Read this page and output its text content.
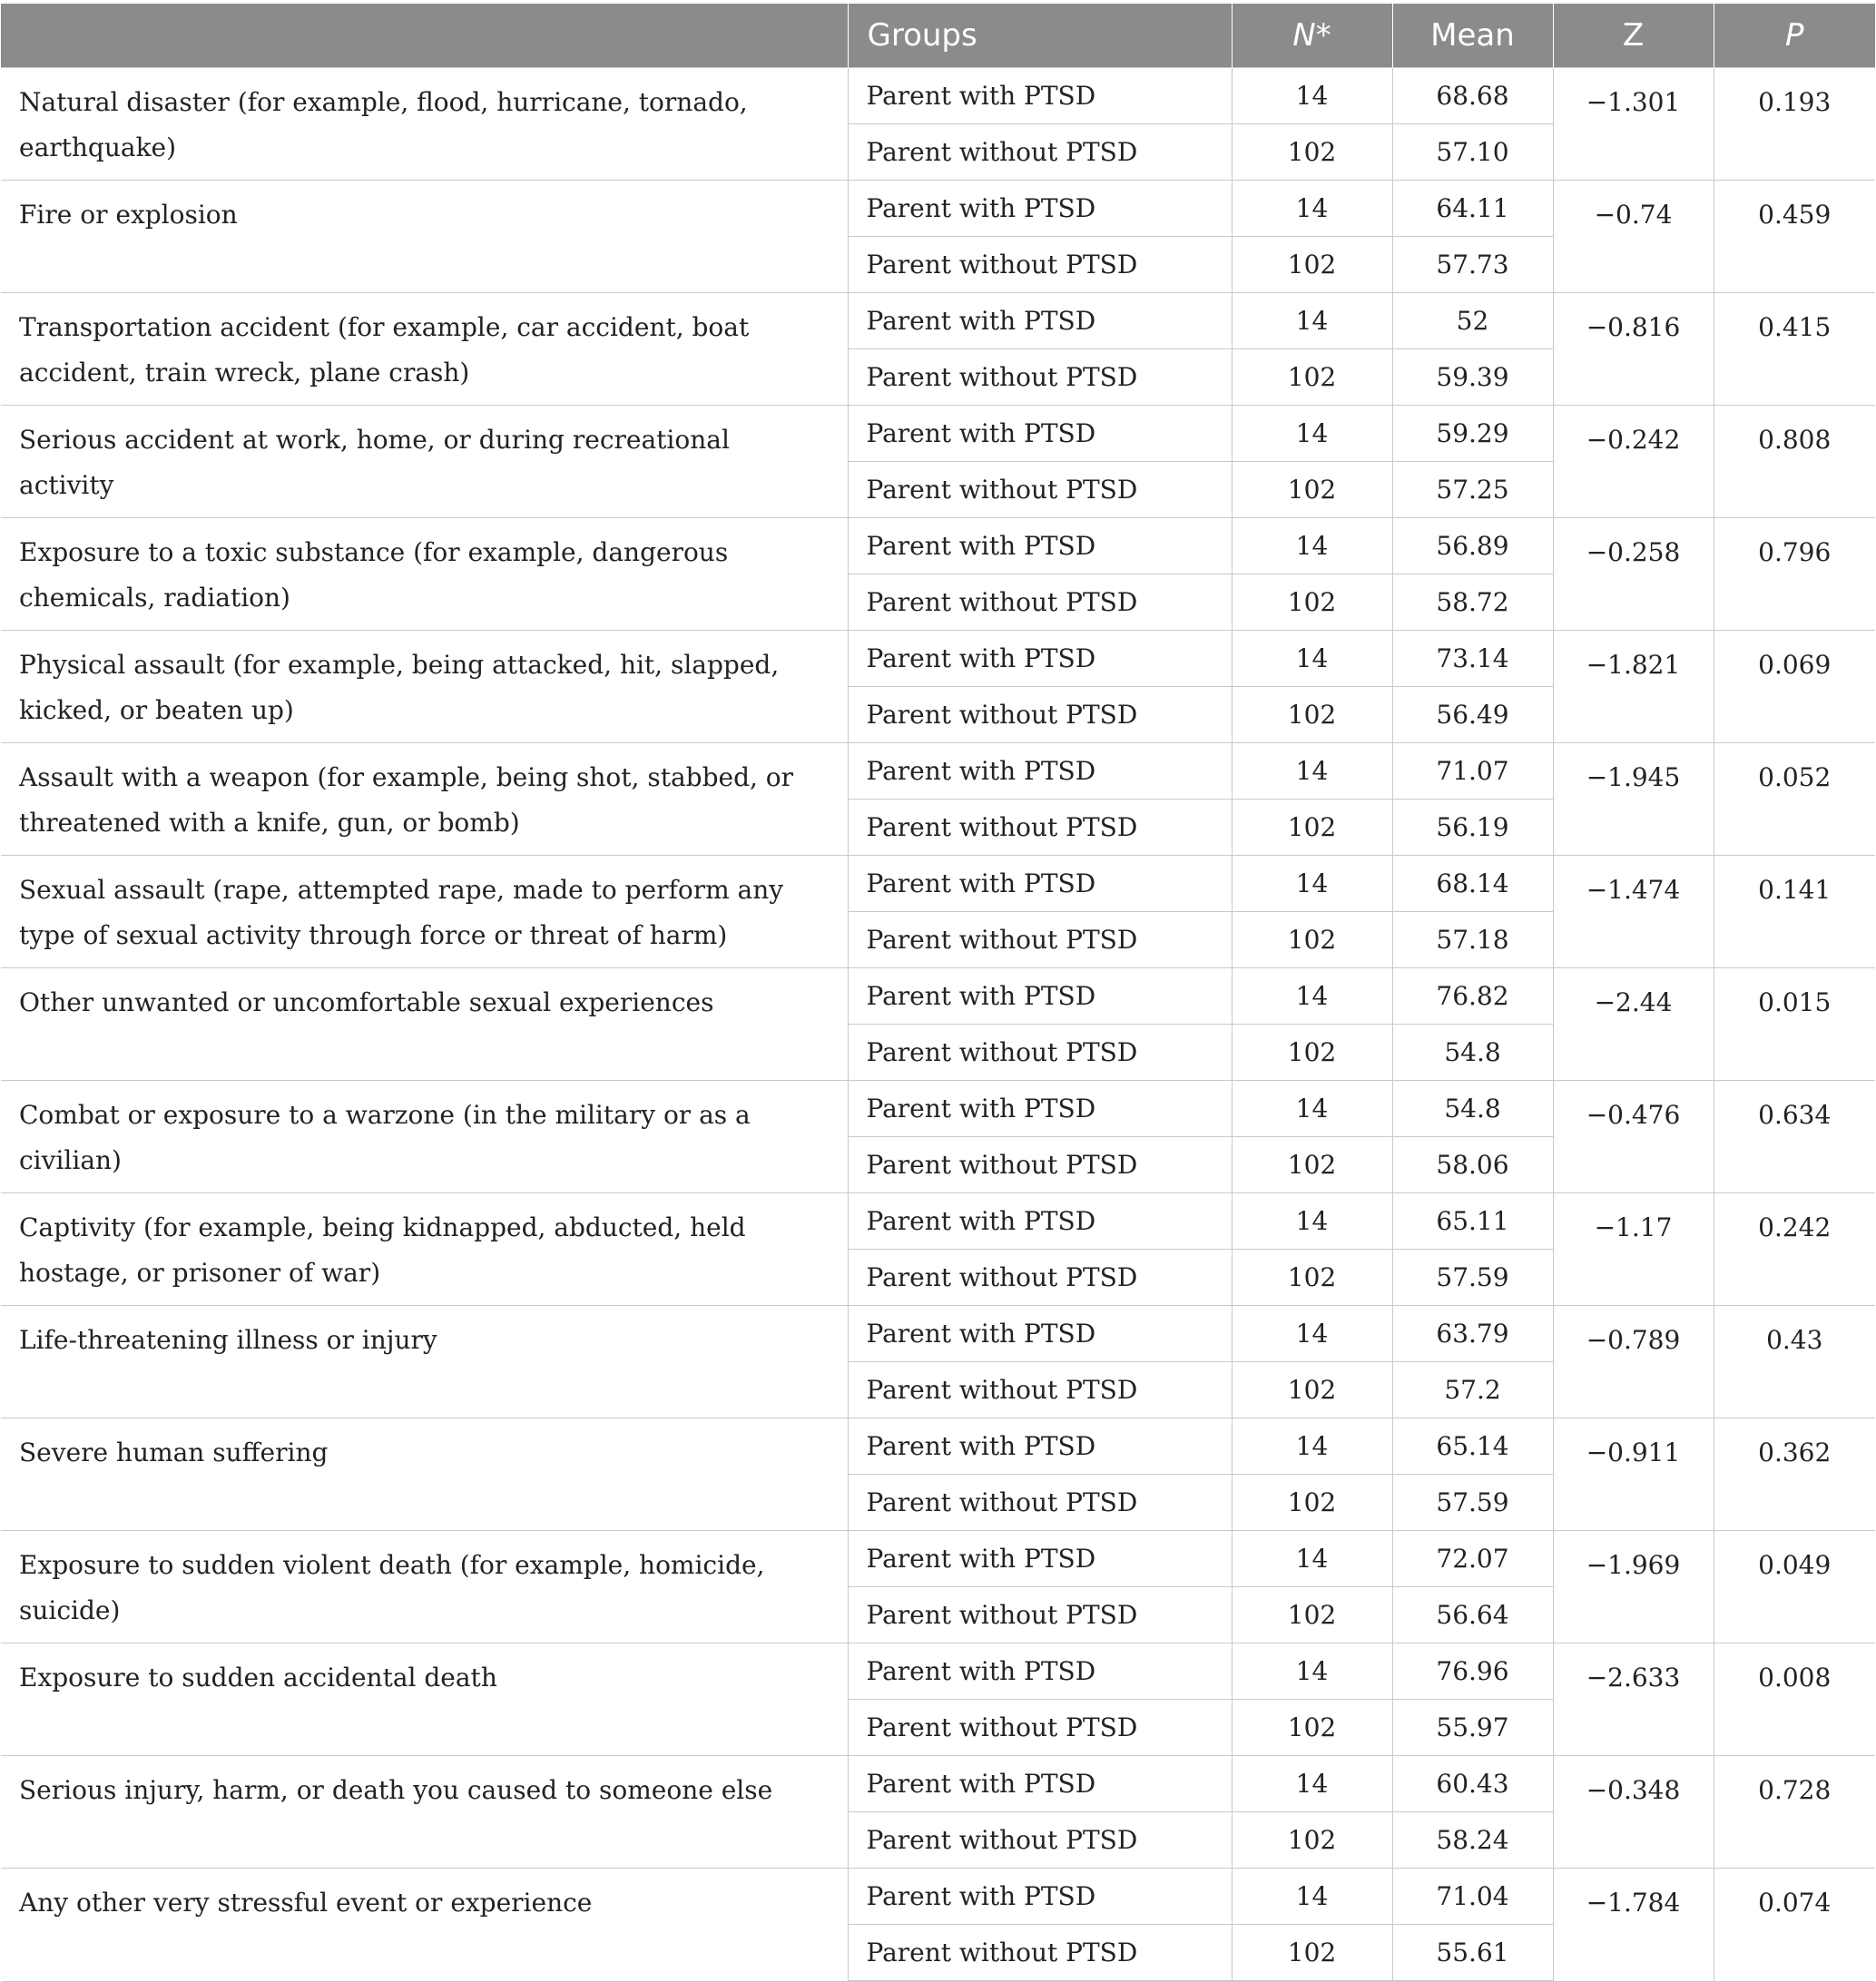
	Groups	N*	Mean	Z	P
Natural disaster (for example, flood, hurricane, tornado, earthquake)	Parent with PTSD	14	68.68	−1.301	0.193
	Parent without PTSD	102	57.10		
Fire or explosion	Parent with PTSD	14	64.11	−0.74	0.459
	Parent without PTSD	102	57.73		
Transportation accident (for example, car accident, boat accident, train wreck, plane crash)	Parent with PTSD	14	52	−0.816	0.415
	Parent without PTSD	102	59.39		
Serious accident at work, home, or during recreational activity	Parent with PTSD	14	59.29	−0.242	0.808
	Parent without PTSD	102	57.25		
Exposure to a toxic substance (for example, dangerous chemicals, radiation)	Parent with PTSD	14	56.89	−0.258	0.796
	Parent without PTSD	102	58.72		
Physical assault (for example, being attacked, hit, slapped, kicked, or beaten up)	Parent with PTSD	14	73.14	−1.821	0.069
	Parent without PTSD	102	56.49		
Assault with a weapon (for example, being shot, stabbed, or threatened with a knife, gun, or bomb)	Parent with PTSD	14	71.07	−1.945	0.052
	Parent without PTSD	102	56.19		
Sexual assault (rape, attempted rape, made to perform any type of sexual activity through force or threat of harm)	Parent with PTSD	14	68.14	−1.474	0.141
	Parent without PTSD	102	57.18		
Other unwanted or uncomfortable sexual experiences	Parent with PTSD	14	76.82	−2.44	0.015
	Parent without PTSD	102	54.8		
Combat or exposure to a warzone (in the military or as a civilian)	Parent with PTSD	14	54.8	−0.476	0.634
	Parent without PTSD	102	58.06		
Captivity (for example, being kidnapped, abducted, held hostage, or prisoner of war)	Parent with PTSD	14	65.11	−1.17	0.242
	Parent without PTSD	102	57.59		
Life-threatening illness or injury	Parent with PTSD	14	63.79	−0.789	0.43
	Parent without PTSD	102	57.2		
Severe human suffering	Parent with PTSD	14	65.14	−0.911	0.362
	Parent without PTSD	102	57.59		
Exposure to sudden violent death (for example, homicide, suicide)	Parent with PTSD	14	72.07	−1.969	0.049
	Parent without PTSD	102	56.64		
Exposure to sudden accidental death	Parent with PTSD	14	76.96	−2.633	0.008
	Parent without PTSD	102	55.97		
Serious injury, harm, or death you caused to someone else	Parent with PTSD	14	60.43	−0.348	0.728
	Parent without PTSD	102	58.24		
Any other very stressful event or experience	Parent with PTSD	14	71.04	−1.784	0.074
	Parent without PTSD	102	55.61		
